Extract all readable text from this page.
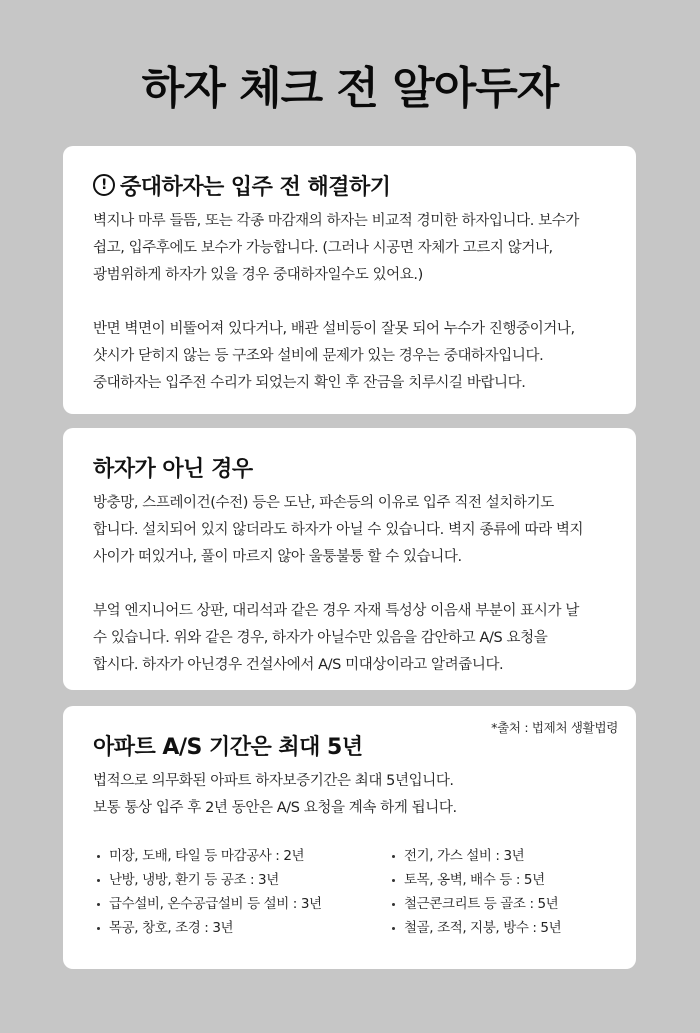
하자 체크 전 알아두자
! 중대하자는 입주 전 해결하기

벽지나 마루 들뜸, 또는 각종 마감재의 하자는 비교적 경미한 하자입니다. 보수가
쉽고, 입주후에도 보수가 가능합니다. (그러나 시공면 자체가 고르지 않거나,
광범위하게 하자가 있을 경우 중대하자일수도 있어요.)

반면 벽면이 비뚤어져 있다거나, 배관 설비등이 잘못 되어 누수가 진행중이거나,
샷시가 닫히지 않는 등 구조와 설비에 문제가 있는 경우는 중대하자입니다.
중대하자는 입주전 수리가 되었는지 확인 후 잔금을 치루시길 바랍니다.

하자가 아닌 경우

방충망, 스프레이건(수전) 등은 도난, 파손등의 이유로 입주 직전 설치하기도
합니다. 설치되어 있지 않더라도 하자가 아닐 수 있습니다. 벽지 종류에 따라 벽지
사이가 떠있거나, 풀이 마르지 않아 울퉁불퉁 할 수 있습니다.

부엌 엔지니어드 상판, 대리석과 같은 경우 자재 특성상 이음새 부분이 표시가 날
수 있습니다. 위와 같은 경우, 하자가 아닐수만 있음을 감안하고 A/S 요청을
합시다. 하자가 아닌경우 건설사에서 A/S 미대상이라고 알려줍니다.

*출처 : 법제처 생활법령
아파트 A/S 기간은 최대 5년

법적으로 의무화된 아파트 하자보증기간은 최대 5년입니다.
보통 통상 입주 후 2년 동안은 A/S 요청을 계속 하게 됩니다.

미장, 도배, 타일 등 마감공사 : 2년
난방, 냉방, 환기 등 공조 : 3년
급수설비, 온수공급설비 등 설비 : 3년
목공, 창호, 조경 : 3년
전기, 가스 설비 : 3년
토목, 옹벽, 배수 등 : 5년
철근콘크리트 등 골조 : 5년
철골, 조적, 지붕, 방수 : 5년
